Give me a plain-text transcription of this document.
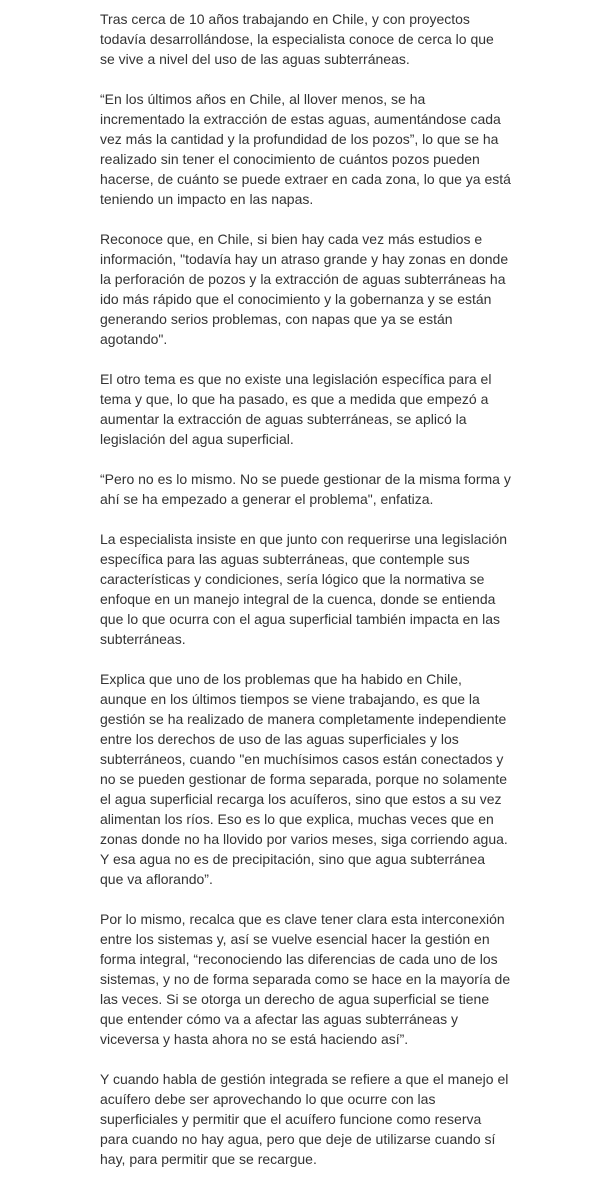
Tras cerca de 10 años trabajando en Chile, y con proyectos todavía desarrollándose, la especialista conoce de cerca lo que se vive a nivel del uso de las aguas subterráneas.

“En los últimos años en Chile, al llover menos, se ha incrementado la extracción de estas aguas, aumentándose cada vez más la cantidad y la profundidad de los pozos”, lo que se ha realizado sin tener el conocimiento de cuántos pozos pueden hacerse, de cuánto se puede extraer en cada zona, lo que ya está teniendo un impacto en las napas.

Reconoce que, en Chile, si bien hay cada vez más estudios e información, "todavía hay un atraso grande y hay zonas en donde la perforación de pozos y la extracción de aguas subterráneas ha ido más rápido que el conocimiento y la gobernanza y se están generando serios problemas, con napas que ya se están agotando".

El otro tema es que no existe una legislación específica para el tema y que, lo que ha pasado, es que a medida que empezó a aumentar la extracción de aguas subterráneas, se aplicó la legislación del agua superficial.

“Pero no es lo mismo. No se puede gestionar de la misma forma y ahí se ha empezado a generar el problema", enfatiza.

La especialista insiste en que junto con requerirse una legislación específica para las aguas subterráneas, que contemple sus características y condiciones, sería lógico que la normativa se enfoque en un manejo integral de la cuenca, donde se entienda que lo que ocurra con el agua superficial también impacta en las subterráneas.

Explica que uno de los problemas que ha habido en Chile, aunque en los últimos tiempos se viene trabajando, es que la gestión se ha realizado de manera completamente independiente entre los derechos de uso de las aguas superficiales y los subterráneos, cuando "en muchísimos casos están conectados y no se pueden gestionar de forma separada, porque no solamente el agua superficial recarga los acuíferos, sino que estos a su vez alimentan los ríos. Eso es lo que explica, muchas veces que en zonas donde no ha llovido por varios meses, siga corriendo agua. Y esa agua no es de precipitación, sino que agua subterránea que va aflorando”.

Por lo mismo, recalca que es clave tener clara esta interconexión entre los sistemas y, así se vuelve esencial hacer la gestión en forma integral, “reconociendo las diferencias de cada uno de los sistemas, y no de forma separada como se hace en la mayoría de las veces. Si se otorga un derecho de agua superficial se tiene que entender cómo va a afectar las aguas subterráneas y viceversa y hasta ahora no se está haciendo así”.

Y cuando habla de gestión integrada se refiere a que el manejo el acuífero debe ser aprovechando lo que ocurre con las superficiales y permitir que el acuífero funcione como reserva para cuando no hay agua, pero que deje de utilizarse cuando sí hay, para permitir que se recargue.
